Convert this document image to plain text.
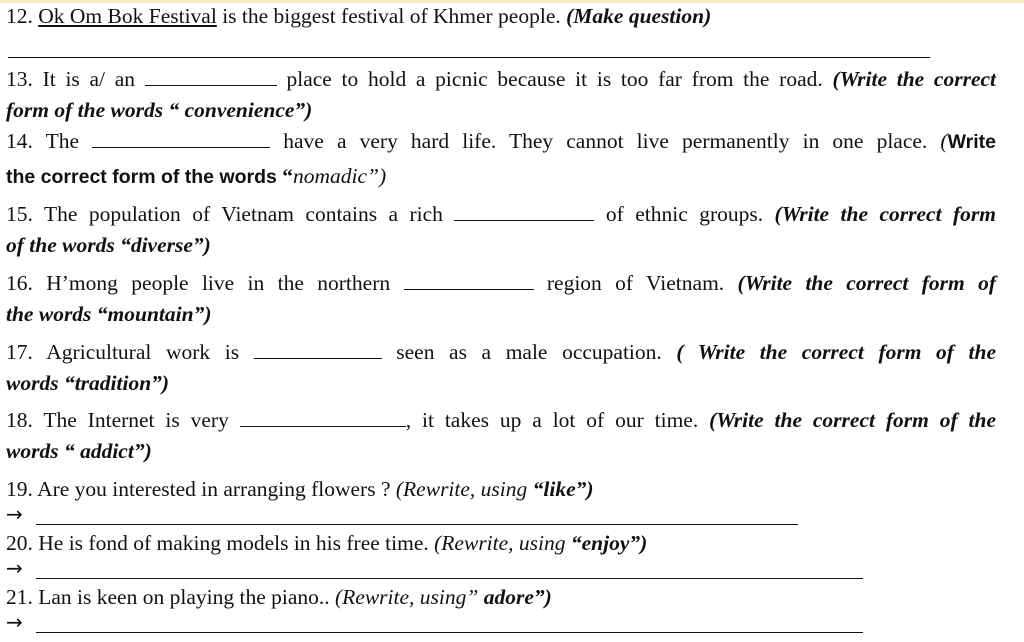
12. Ok Om Bok Festival is the biggest festival of Khmer people. (Make question)
13. It is a/ an	place to hold a picnic because it is too far from the road. (Write the correct
form of the words “ convenience”)
14. The	have a very hard life. They cannot live permanently in one place. (Write
the correct form of the words “nomadic”)
15. The population of Vietnam contains a rich	of ethnic groups. (Write the correct form
of the words “diverse”)
16. H’mong people live in the northern	region of Vietnam. (Write the correct form of
the words “mountain”)
17. Agricultural work is	seen as a male occupation. ( Write the correct form of the
words “tradition”)
18. The Internet is very	, it takes up a lot of our time. (Write the correct form of the
words “ addict”)
19. Are you interested in arranging flowers ? (Rewrite, using “like”)
→
20. He is fond of making models in his free time. (Rewrite, using “enjoy”)
→
21. Lan is keen on playing the piano.. (Rewrite, using” adore”)
→
